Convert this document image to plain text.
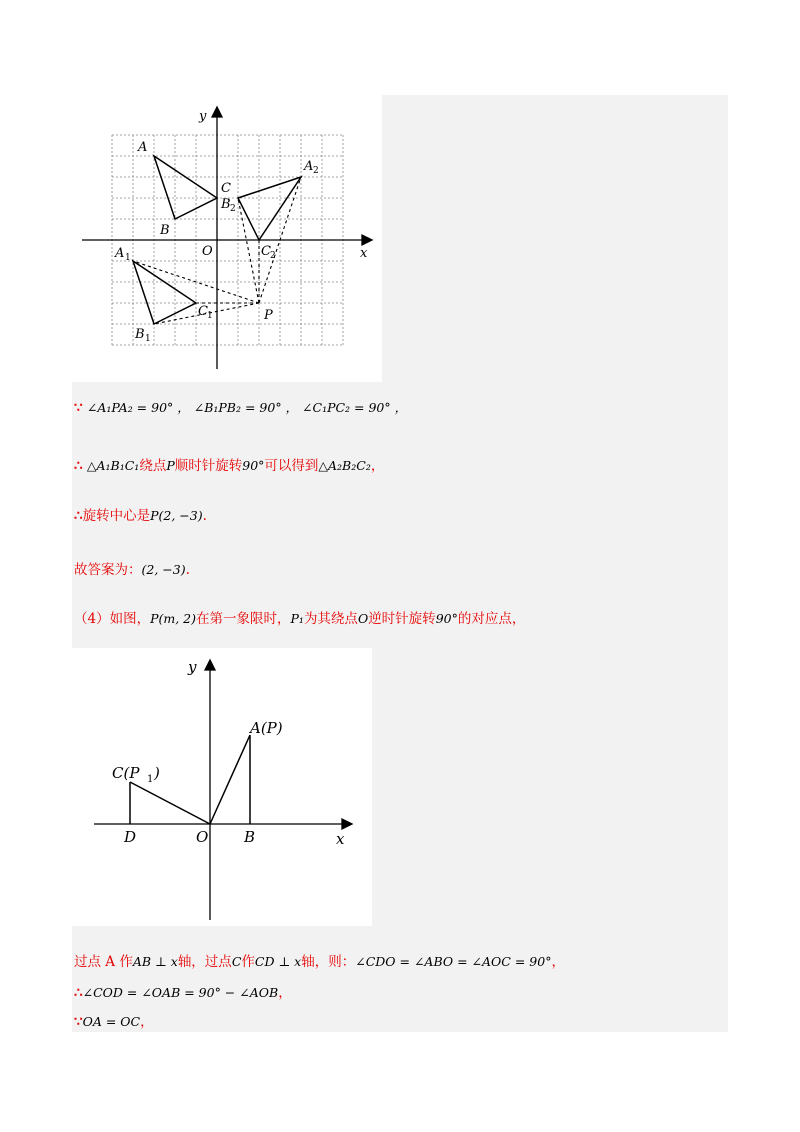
y
x
O
A
B
C
A 1
B 1
C 1
A 2
B 2
C 2
P
∵ ∠A₁PA₂ = 90° ， ∠B₁PB₂ = 90° ， ∠C₁PC₂ = 90° ，
∴ △A₁B₁C₁绕点P顺时针旋转90°可以得到△A₂B₂C₂，
∴旋转中心是P(2, −3).
故答案为：(2, −3).
（4）如图，P(m, 2)在第一象限时，P₁为其绕点O逆时针旋转90°的对应点，
y
x
O
A(P)
C(P 1 )
D	B
过点 A 作AB ⊥ x轴，过点C作CD ⊥ x轴，则：∠CDO = ∠ABO = ∠AOC = 90°，
∴∠COD = ∠OAB = 90° − ∠AOB，
∵OA = OC，
